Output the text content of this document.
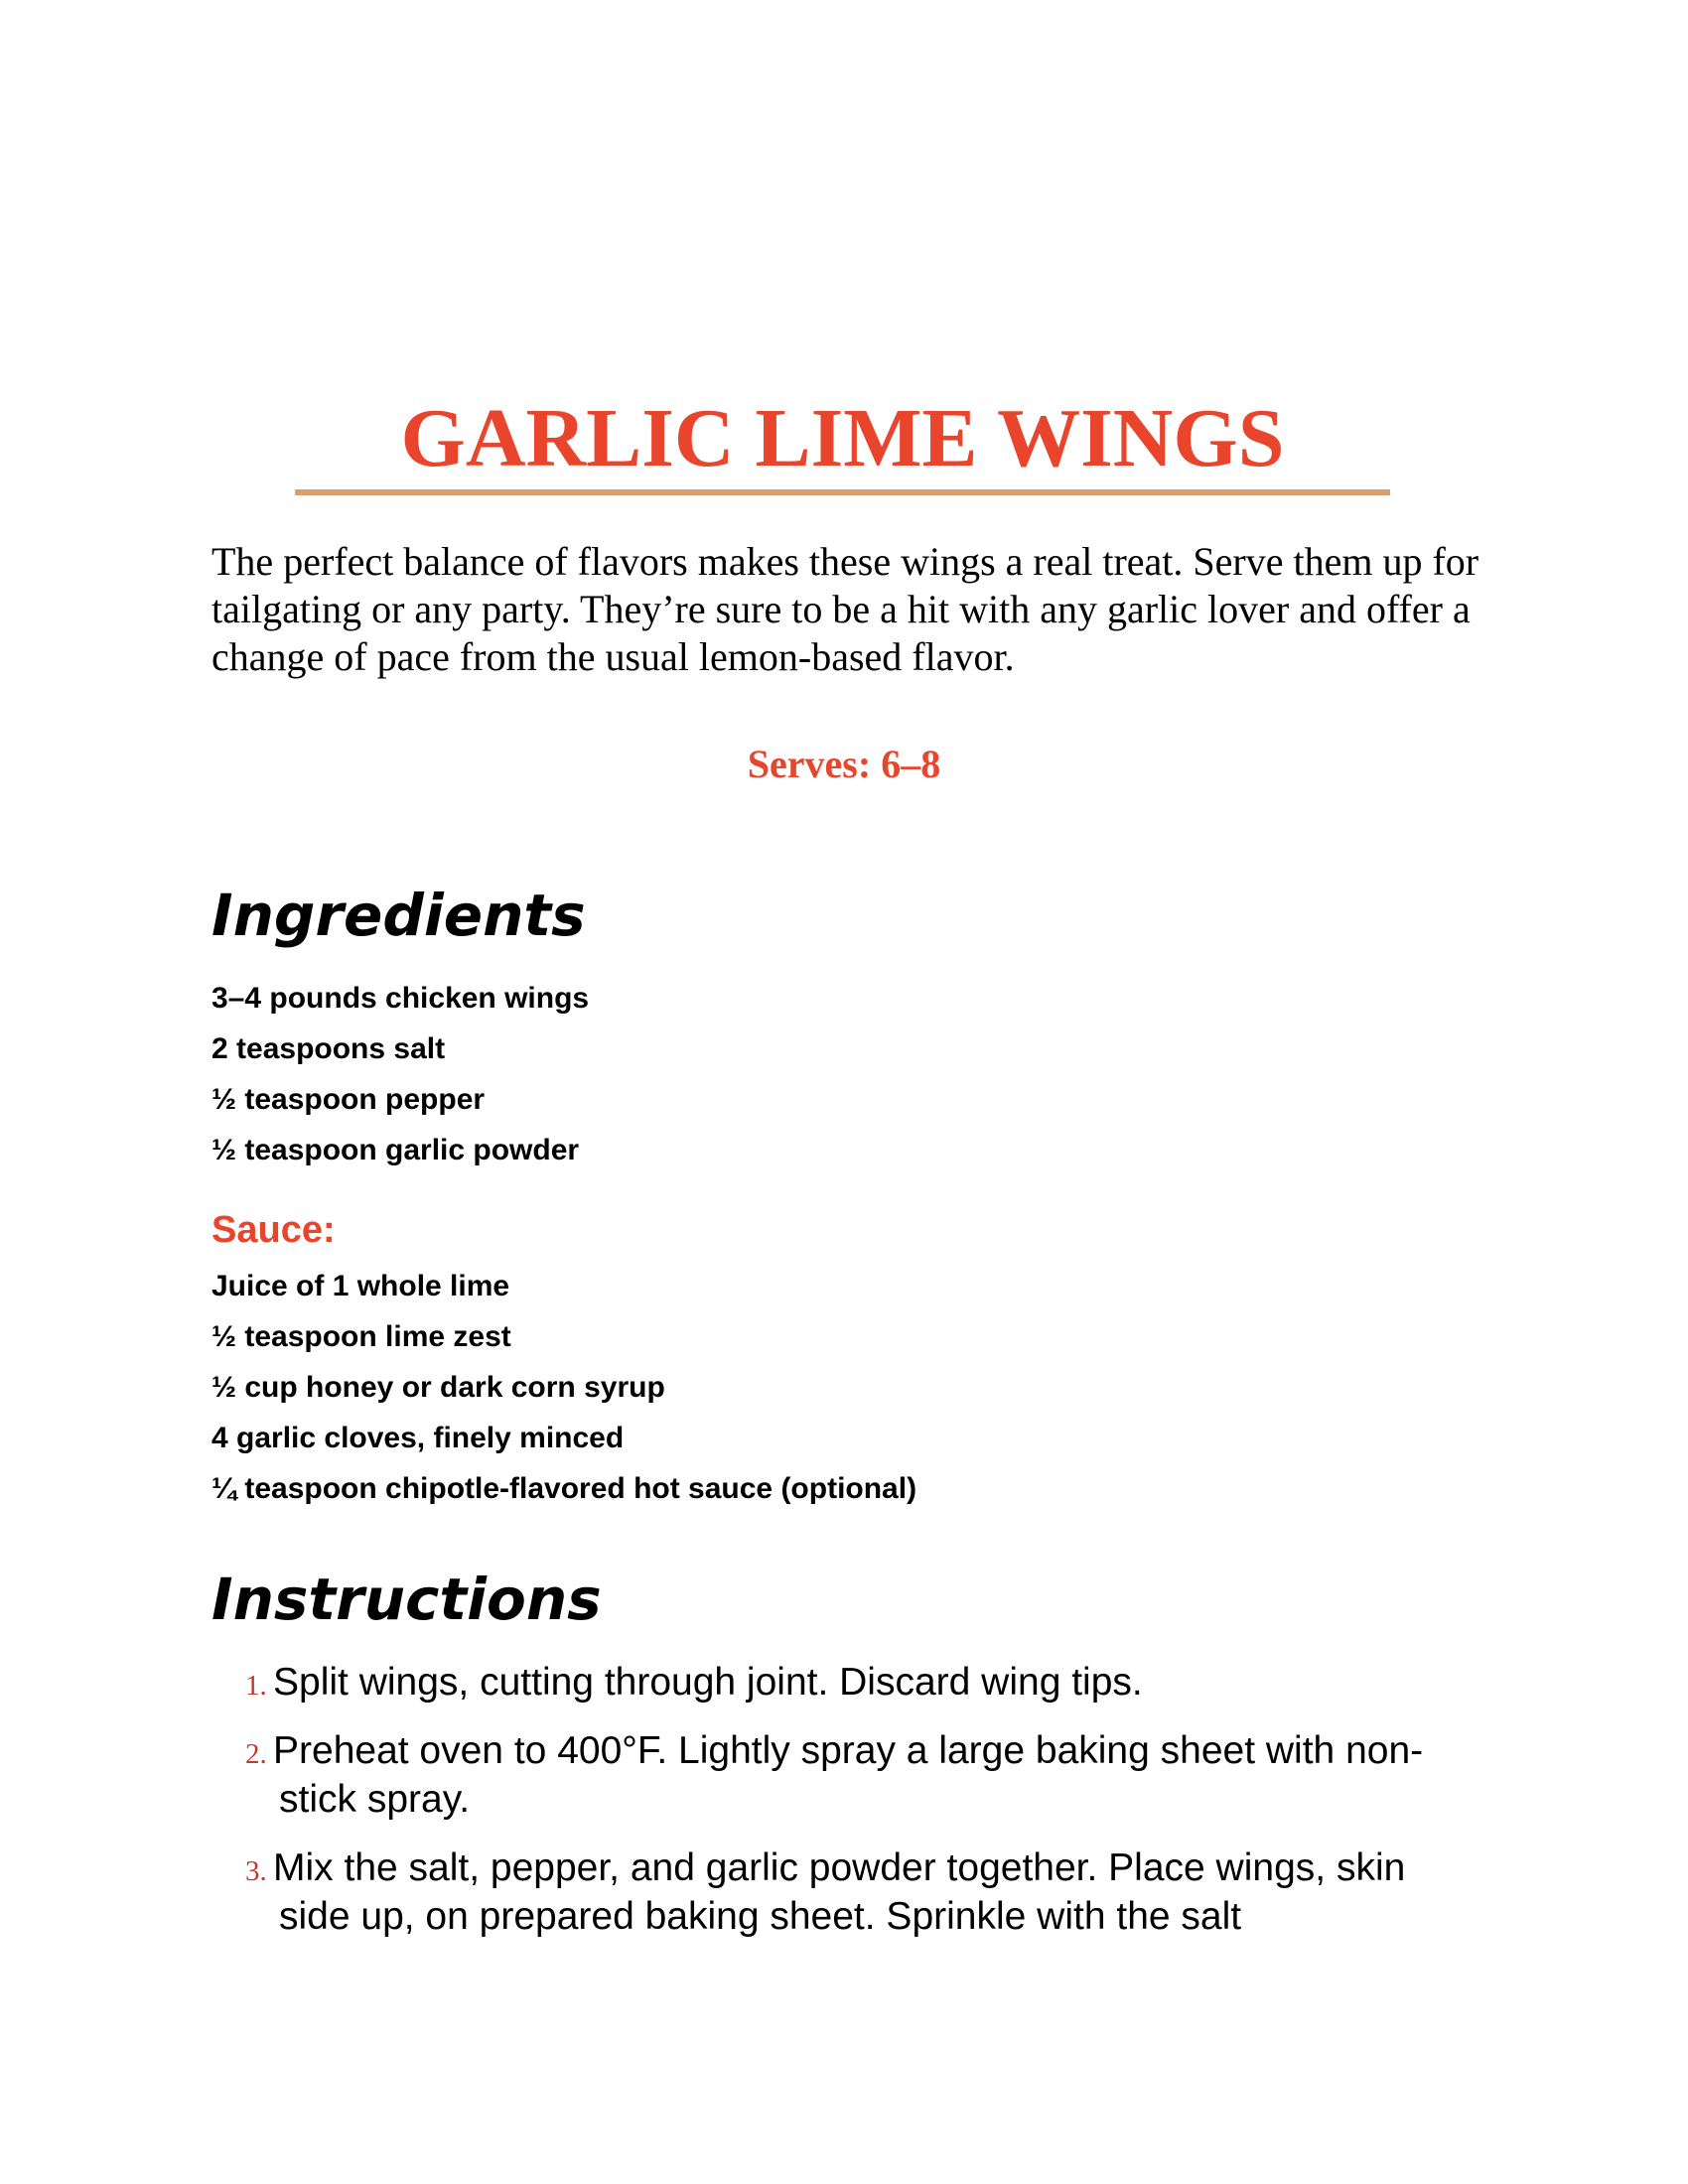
GARLIC LIME WINGS

The perfect balance of flavors makes these wings a real treat. Serve them up for tailgating or any party. They’re sure to be a hit with any garlic lover and offer a change of pace from the usual lemon-based flavor.

Serves: 6–8

Ingredients
3–4 pounds chicken wings
2 teaspoons salt
½ teaspoon pepper
½ teaspoon garlic powder
Sauce:
Juice of 1 whole lime
½ teaspoon lime zest
½ cup honey or dark corn syrup
4 garlic cloves, finely minced
¼ teaspoon chipotle-flavored hot sauce (optional)
Instructions
1. Split wings, cutting through joint. Discard wing tips.
2. Preheat oven to 400°F. Lightly spray a large baking sheet with non-stick spray.
3. Mix the salt, pepper, and garlic powder together. Place wings, skin side up, on prepared baking sheet. Sprinkle with the salt
